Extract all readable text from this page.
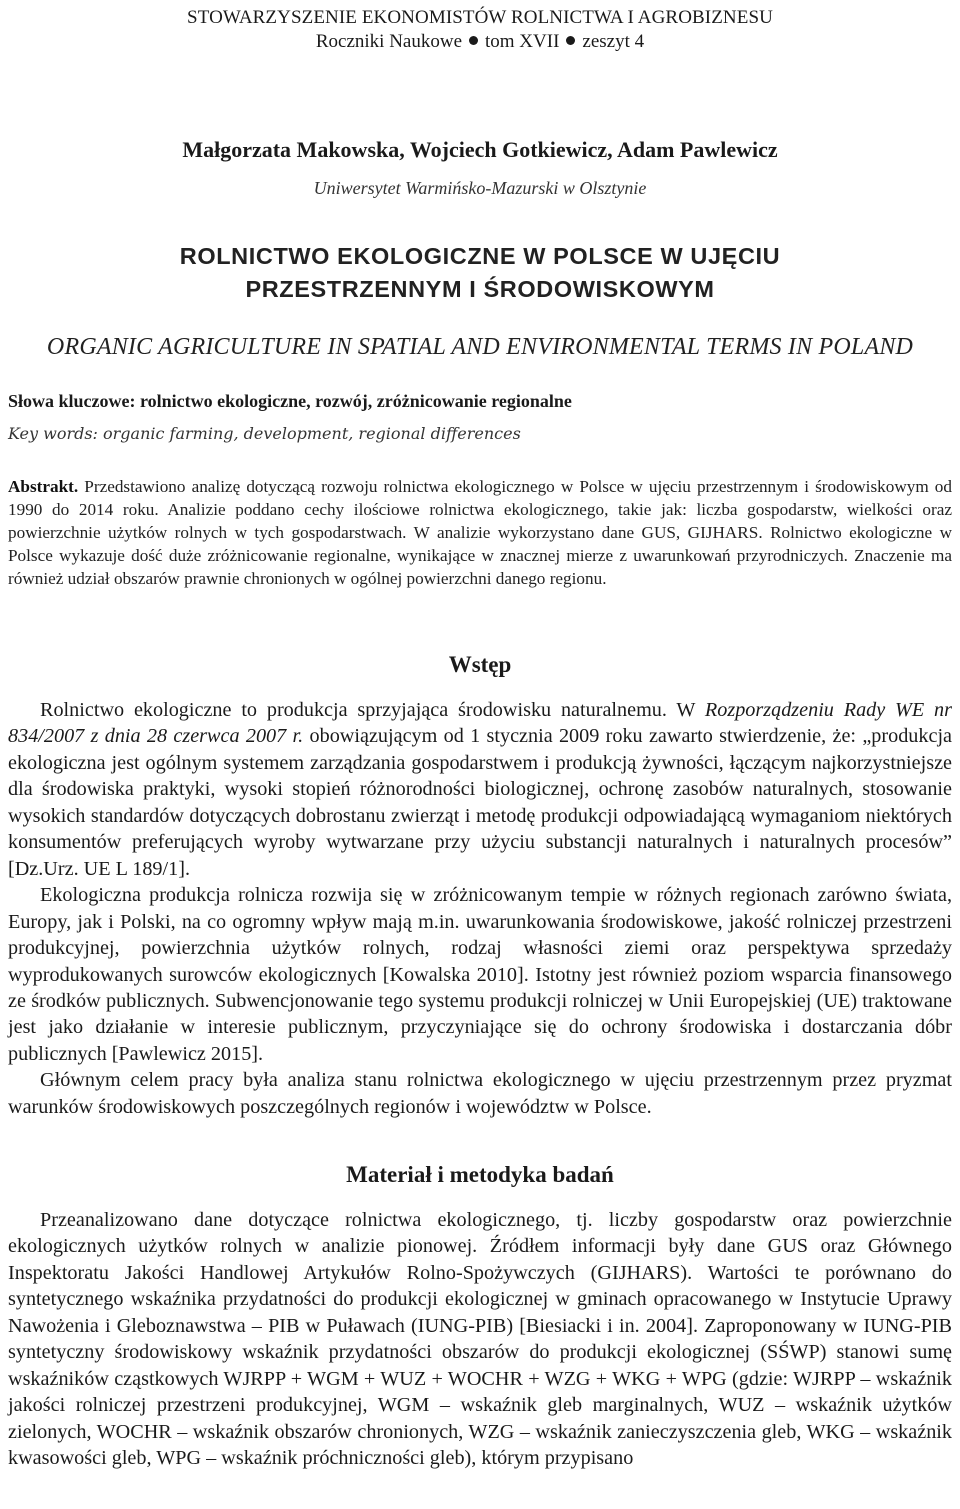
STOWARZYSZENIE EKONOMISTÓW ROLNICTWA I AGROBIZNESU
Roczniki Naukowe tom XVII zeszyt 4
Małgorzata Makowska, Wojciech Gotkiewicz, Adam Pawlewicz
Uniwersytet Warmińsko-Mazurski w Olsztynie
ROLNICTWO EKOLOGICZNE W POLSCE W UJĘCIU
PRZESTRZENNYM I ŚRODOWISKOWYM
ORGANIC AGRICULTURE IN SPATIAL AND ENVIRONMENTAL TERMS IN POLAND
Słowa kluczowe: rolnictwo ekologiczne, rozwój, zróżnicowanie regionalne
Key words: organic farming, development, regional differences
Abstrakt. Przedstawiono analizę dotyczącą rozwoju rolnictwa ekologicznego w Polsce w ujęciu przestrzennym i środowiskowym od 1990 do 2014 roku. Analizie poddano cechy ilościowe rolnictwa ekologicznego, takie jak: liczba gospodarstw, wielkości oraz powierzchnie użytków rolnych w tych gospodarstwach. W analizie wykorzystano dane GUS, GIJHARS. Rolnictwo ekologiczne w Polsce wykazuje dość duże zróżnicowanie regionalne, wynikające w znacznej mierze z uwarunkowań przyrodniczych. Znaczenie ma również udział obszarów prawnie chronionych w ogólnej powierzchni danego regionu.
Wstęp

Rolnictwo ekologiczne to produkcja sprzyjająca środowisku naturalnemu. W Rozporządzeniu Rady WE nr 834/2007 z dnia 28 czerwca 2007 r. obowiązującym od 1 stycznia 2009 roku zawarto stwierdzenie, że: „produkcja ekologiczna jest ogólnym systemem zarządzania gospodarstwem i produkcją żywności, łączącym najkorzystniejsze dla środowiska praktyki, wysoki stopień różnorodności biologicznej, ochronę zasobów naturalnych, stosowanie wysokich standardów dotyczących dobrostanu zwierząt i metodę produkcji odpowiadającą wymaganiom niektórych konsumentów preferujących wyroby wytwarzane przy użyciu substancji naturalnych i naturalnych procesów” [Dz.Urz. UE L 189/1].

Ekologiczna produkcja rolnicza rozwija się w zróżnicowanym tempie w różnych regionach zarówno świata, Europy, jak i Polski, na co ogromny wpływ mają m.in. uwarunkowania środowiskowe, jakość rolniczej przestrzeni produkcyjnej, powierzchnia użytków rolnych, rodzaj własności ziemi oraz perspektywa sprzedaży wyprodukowanych surowców ekologicznych [Kowalska 2010]. Istotny jest również poziom wsparcia finansowego ze środków publicznych. Subwencjonowanie tego systemu produkcji rolniczej w Unii Europejskiej (UE) traktowane jest jako działanie w interesie publicznym, przyczyniające się do ochrony środowiska i dostarczania dóbr publicznych [Pawlewicz 2015].

Głównym celem pracy była analiza stanu rolnictwa ekologicznego w ujęciu przestrzennym przez pryzmat warunków środowiskowych poszczególnych regionów i województw w Polsce.

Materiał i metodyka badań

Przeanalizowano dane dotyczące rolnictwa ekologicznego, tj. liczby gospodarstw oraz powierzchnie ekologicznych użytków rolnych w analizie pionowej. Źródłem informacji były dane GUS oraz Głównego Inspektoratu Jakości Handlowej Artykułów Rolno-Spożywczych (GIJHARS). Wartości te porównano do syntetycznego wskaźnika przydatności do produkcji ekologicznej w gminach opracowanego w Instytucie Uprawy Nawożenia i Gleboznawstwa – PIB w Puławach (IUNG-PIB) [Biesiacki i in. 2004]. Zaproponowany w IUNG-PIB syntetyczny środowiskowy wskaźnik przydatności obszarów do produkcji ekologicznej (SŚWP) stanowi sumę wskaźników cząstkowych WJRPP + WGM + WUZ + WOCHR + WZG + WKG + WPG (gdzie: WJRPP – wskaźnik jakości rolniczej przestrzeni produkcyjnej, WGM – wskaźnik gleb marginalnych, WUZ – wskaźnik użytków zielonych, WOCHR – wskaźnik obszarów chronionych, WZG – wskaźnik zanieczyszczenia gleb, WKG – wskaźnik kwasowości gleb, WPG – wskaźnik próchniczności gleb), którym przypisano
